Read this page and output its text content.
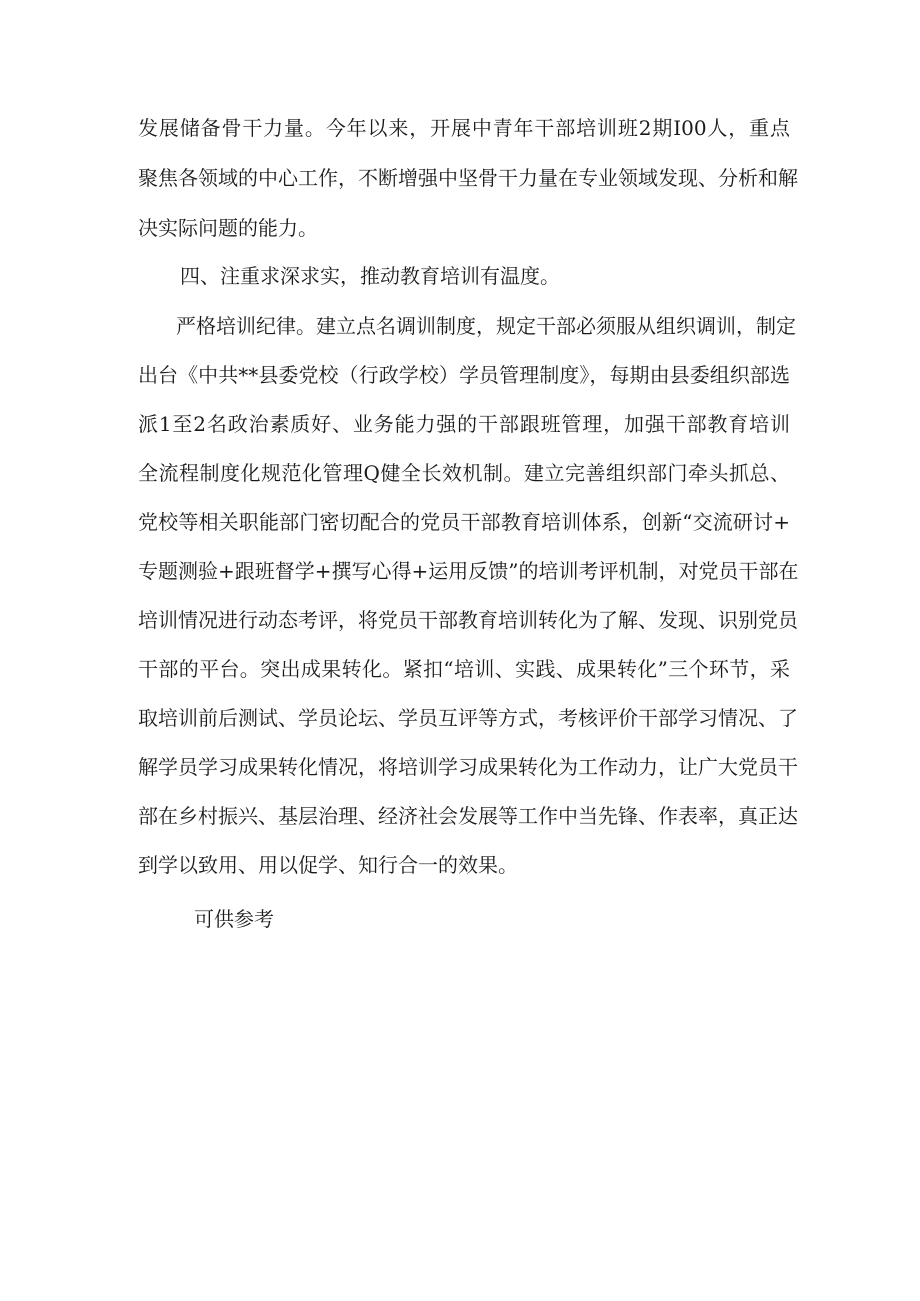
发展储备骨干力量。今年以来，开展中青年干部培训班2期I00人，重点
聚焦各领域的中心工作，不断增强中坚骨干力量在专业领域发现、分析和解
决实际问题的能力。
四、注重求深求实，推动教育培训有温度。
严格培训纪律。建立点名调训制度，规定干部必须服从组织调训，制定
出台《中共**县委党校（行政学校）学员管理制度》，每期由县委组织部选
派1至2名政治素质好、业务能力强的干部跟班管理，加强干部教育培训
全流程制度化规范化管理Q健全长效机制。建立完善组织部门牵头抓总、
党校等相关职能部门密切配合的党员干部教育培训体系，创新“交流研讨+
专题测验+跟班督学+撰写心得+运用反馈”的培训考评机制，对党员干部在
培训情况进行动态考评，将党员干部教育培训转化为了解、发现、识别党员
干部的平台。突出成果转化。紧扣“培训、实践、成果转化”三个环节，采
取培训前后测试、学员论坛、学员互评等方式，考核评价干部学习情况、了
解学员学习成果转化情况，将培训学习成果转化为工作动力，让广大党员干
部在乡村振兴、基层治理、经济社会发展等工作中当先锋、作表率，真正达
到学以致用、用以促学、知行合一的效果。
可供参考
